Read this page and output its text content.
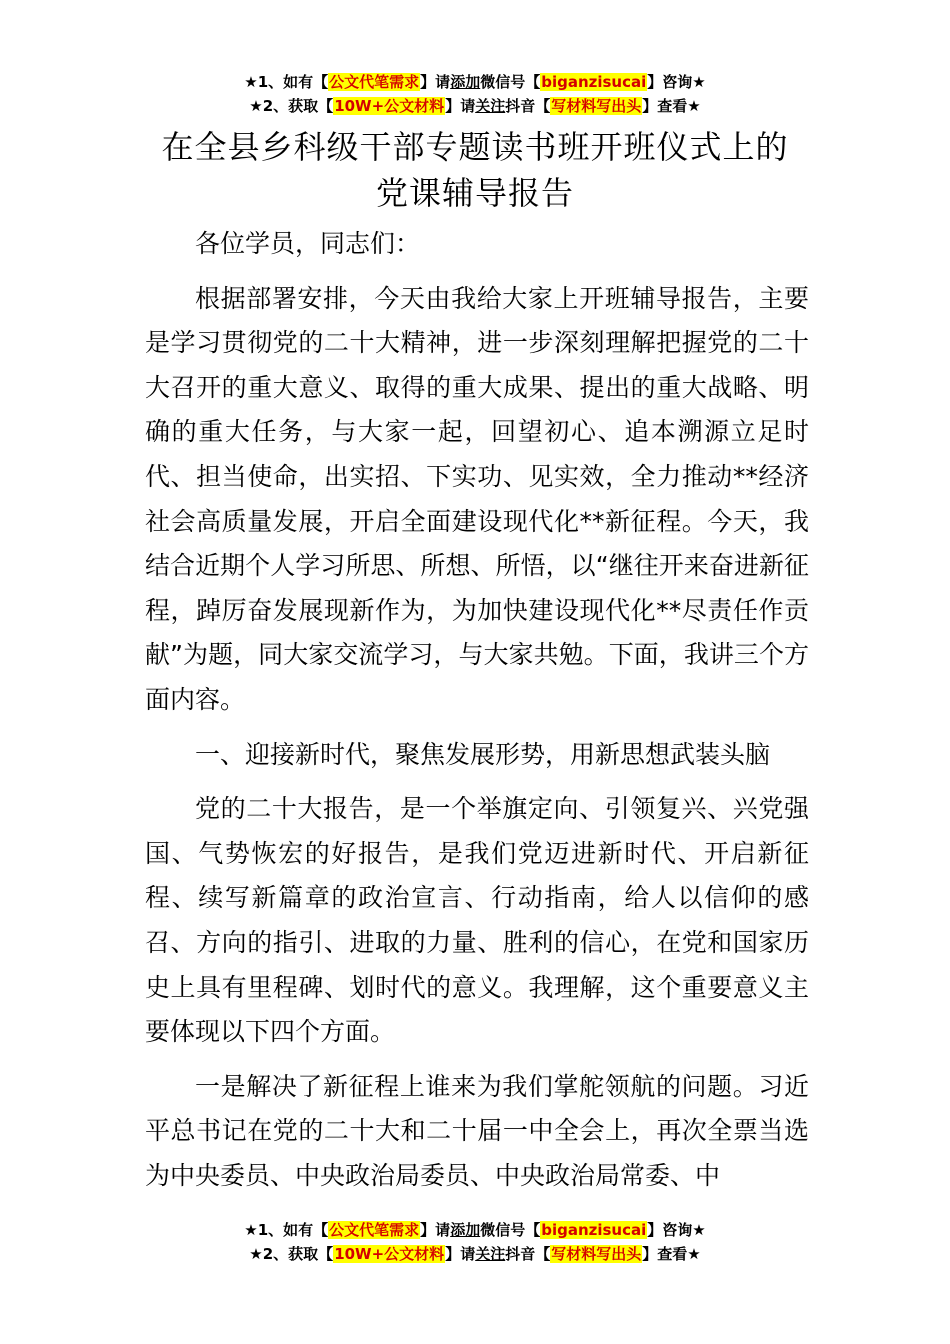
★1、如有【公文代笔需求】请添加微信号【biganzisucai】咨询★
★2、获取【10W+公文材料】请关注抖音【写材料写出头】查看★
在全县乡科级干部专题读书班开班仪式上的
党课辅导报告

各位学员，同志们：

根据部署安排，今天由我给大家上开班辅导报告，主要是学习贯彻党的二十大精神，进一步深刻理解把握党的二十大召开的重大意义、取得的重大成果、提出的重大战略、明确的重大任务，与大家一起，回望初心、追本溯源立足时代、担当使命，出实招、下实功、见实效，全力推动**经济社会高质量发展，开启全面建设现代化**新征程。今天，我结合近期个人学习所思、所想、所悟，以“继往开来奋进新征程，踔厉奋发展现新作为，为加快建设现代化**尽责任作贡献”为题，同大家交流学习，与大家共勉。下面，我讲三个方面内容。

一、迎接新时代，聚焦发展形势，用新思想武装头脑

党的二十大报告，是一个举旗定向、引领复兴、兴党强国、气势恢宏的好报告，是我们党迈进新时代、开启新征程、续写新篇章的政治宣言、行动指南，给人以信仰的感召、方向的指引、进取的力量、胜利的信心，在党和国家历史上具有里程碑、划时代的意义。我理解，这个重要意义主要体现以下四个方面。

一是解决了新征程上谁来为我们掌舵领航的问题。习近平总书记在党的二十大和二十届一中全会上，再次全票当选为中央委员、中央政治局委员、中央政治局常委、中

★1、如有【公文代笔需求】请添加微信号【biganzisucai】咨询★
★2、获取【10W+公文材料】请关注抖音【写材料写出头】查看★
